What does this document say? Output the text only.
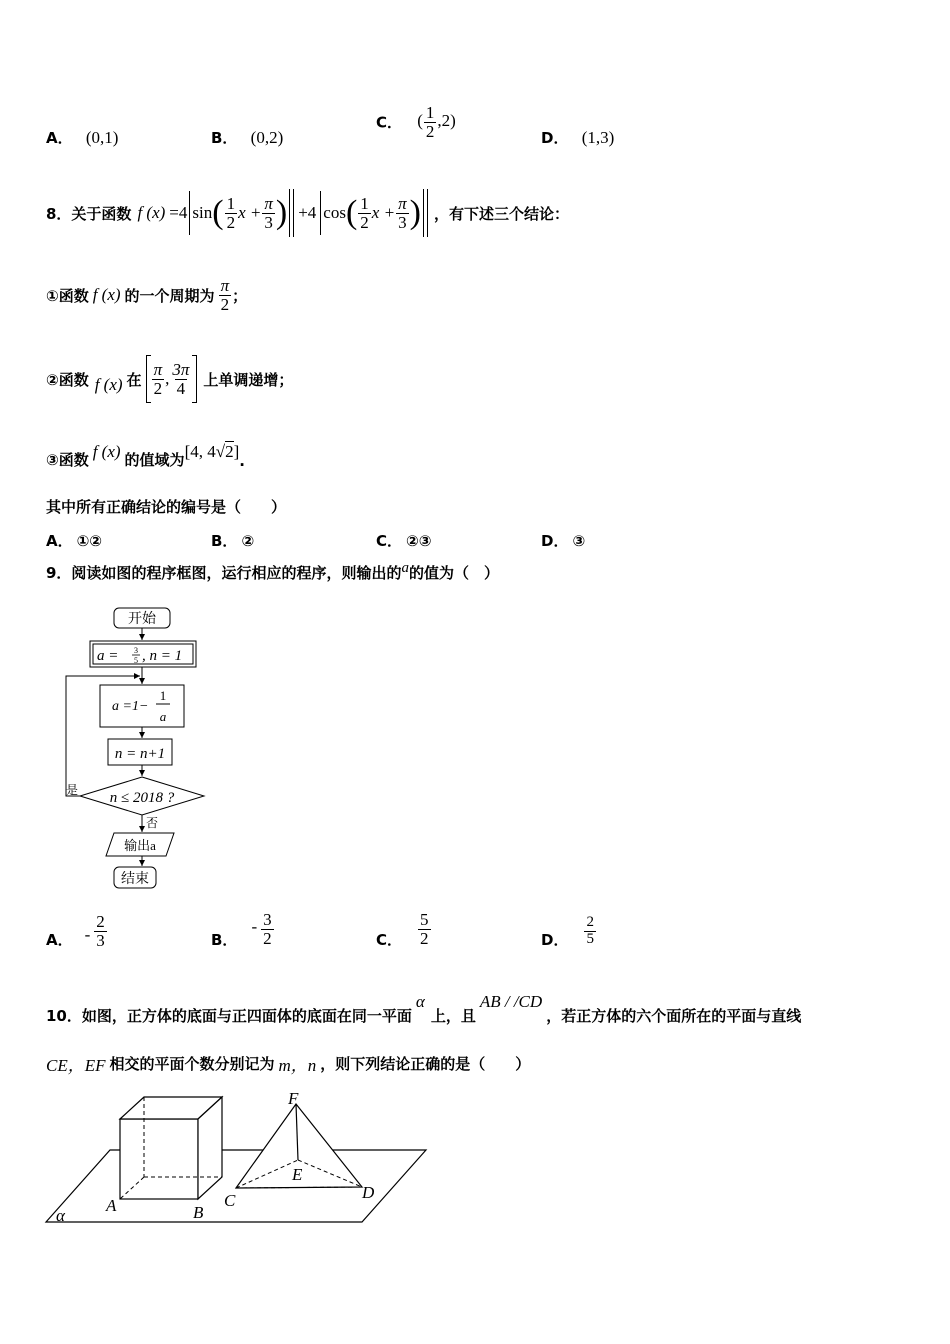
A． (0,1)	B． (0,2)
C． ( $\frac{1}{2} ,2$)
D． (1,3)
8．关于函数 f (x) =4 sin ( $\frac{1}{2}$ $x + \frac{\pi}{3}$ ) +4 cos ( $\frac{1}{2}$ $x + \frac{\pi}{3}$ ) ，有下述三个结论：
①函数 f (x) 的一个周期为 $\frac{\pi}{2}$ ；
②函数 f (x) 在 $\frac{\pi}{2}$ , $\frac{3\pi}{4}$ 上单调递增；
③函数 f (x) 的值域为 [4, 4√2] .
其中所有正确结论的编号是（　　）
A． ①②	B． ②	C． ②③	D． ③
9．阅读如图的程序框图，运行相应的程序，则输出的a的值为（　）
开始
a = 3
5 , n = 1
a =1−
1
a
n = n+1
n ≤ 2018 ?
是
否
输出a
结束
A． - $\frac{2}{3}$	B．
- $\frac{3}{2}$	C． $\frac{5}{2}$	D． $\frac{2}{5}$
10．如图，正方体的底面与正四面体的底面在同一平面
α
上，且
AB / /CD
，若正方体的六个面所在的平面与直线
CE，EF 相交的平面个数分别记为 m，n ，则下列结论正确的是（　　）
A	B
C	D
E
F
α
